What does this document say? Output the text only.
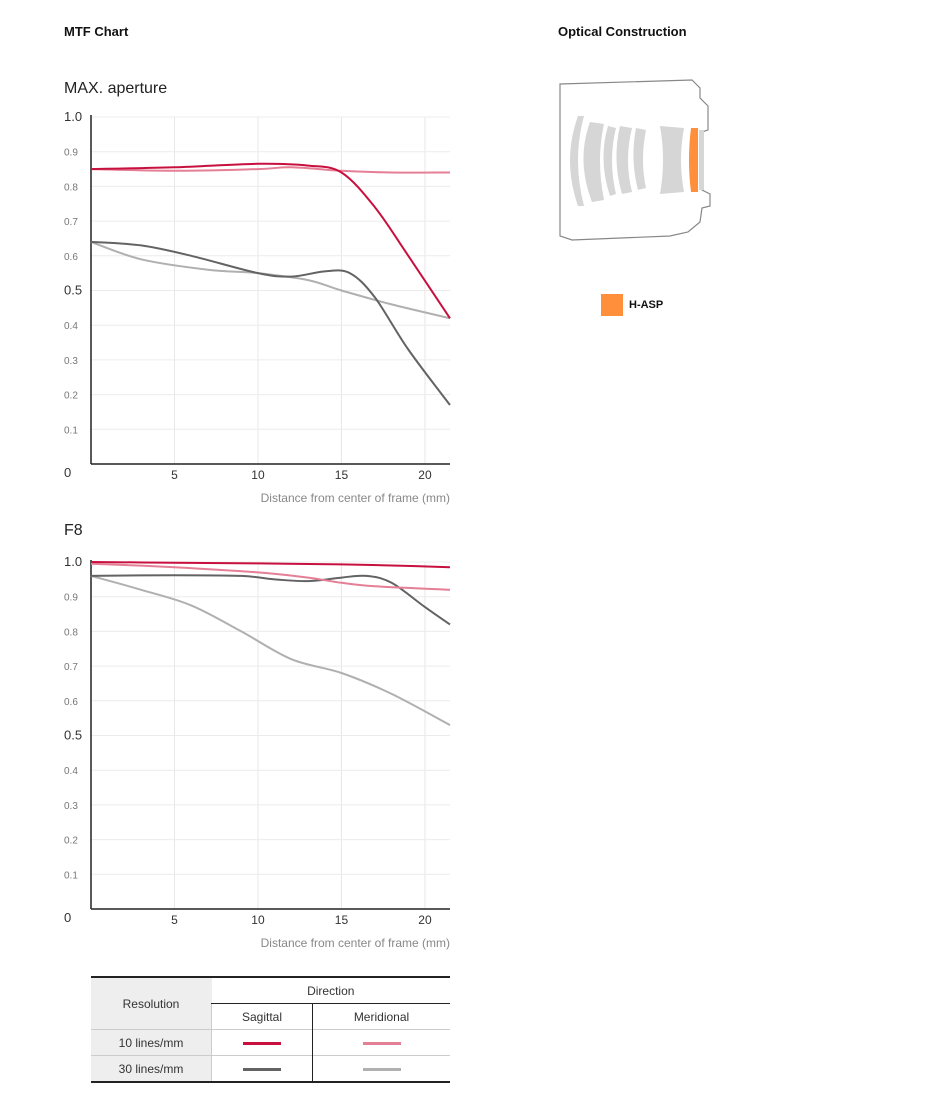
MTF Chart	Optical Construction
MAX. aperture
F8
0
0.1
0.2
0.3
0.4
0.5
0.6
0.7
0.8
0.9
1.0
5	10	15	20
Distance from center of frame (mm)
0
0.1
0.2
0.3
0.4
0.5
0.6
0.7
0.8
0.9
1.0
5	10	15	20
Distance from center of frame (mm)
H-ASP
Resolution	Direction	
	Sagittal	Meridional
10 lines/mm		
30 lines/mm		
